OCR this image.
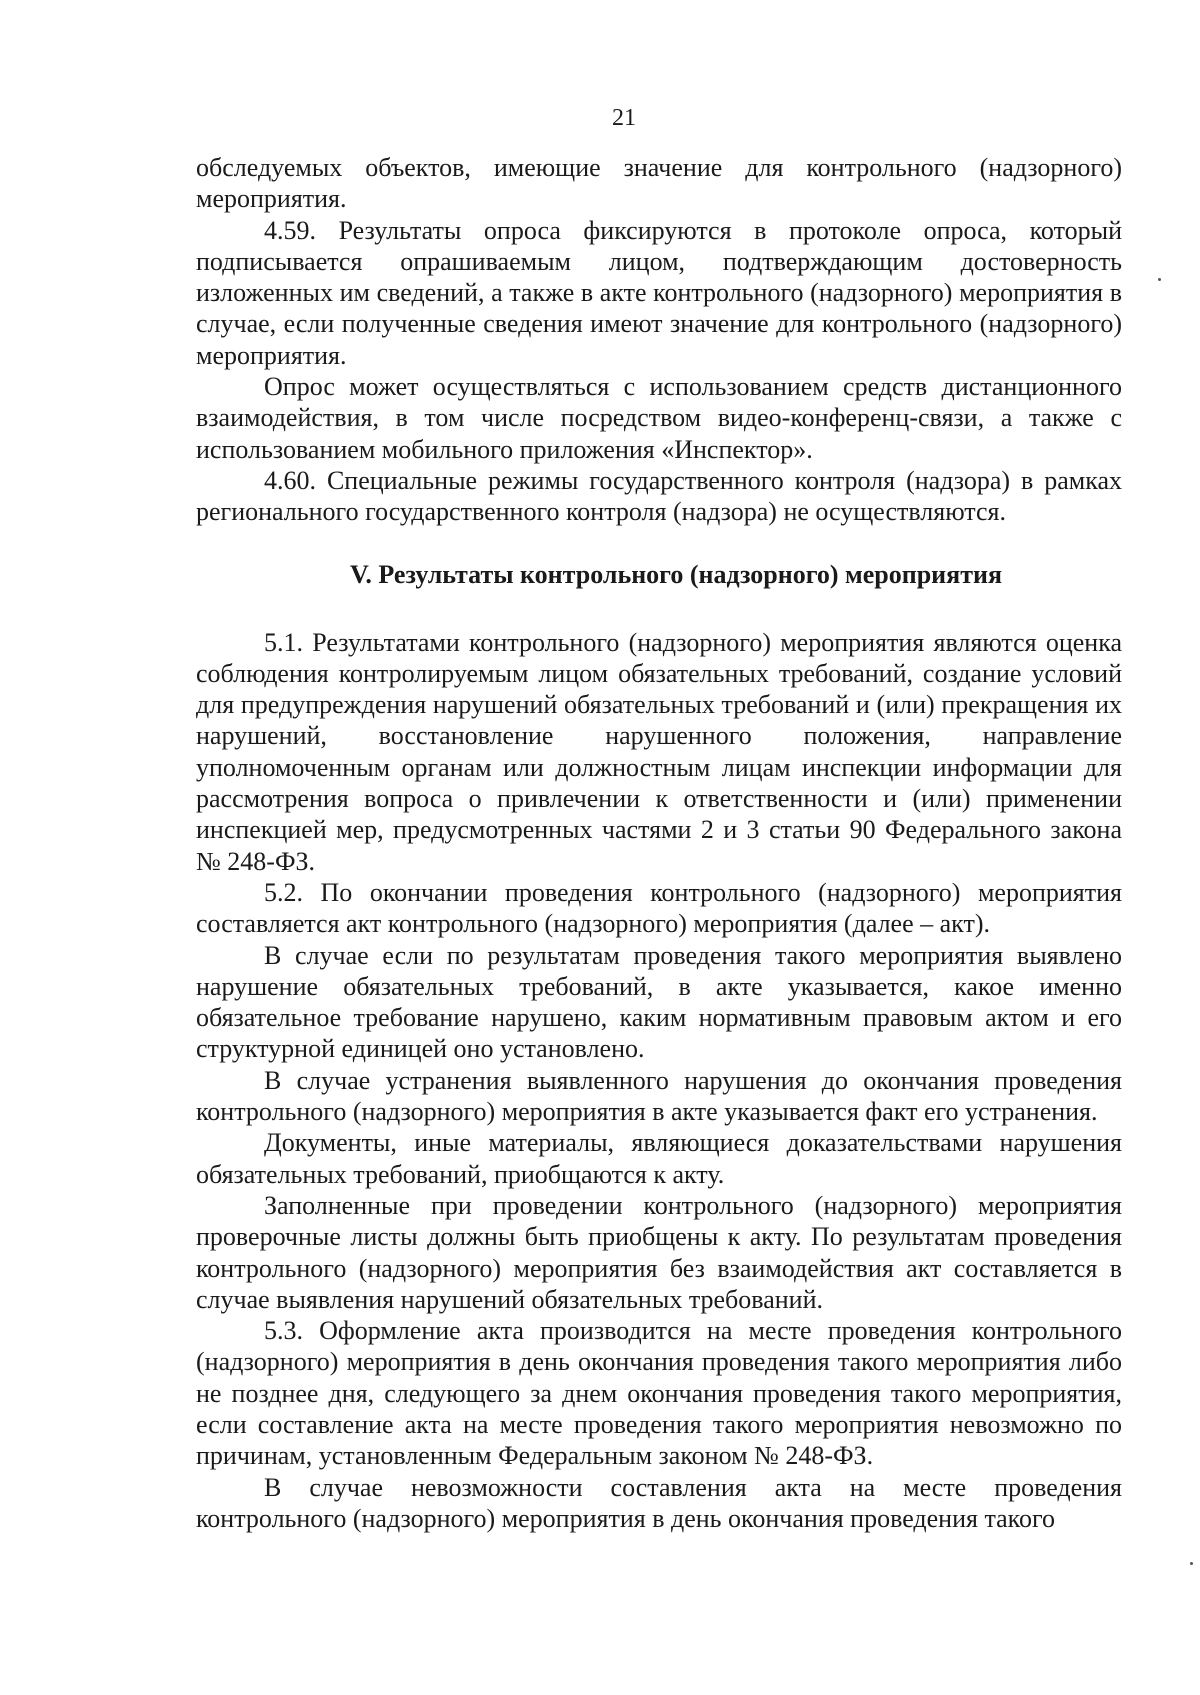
21

обследуемых объектов, имеющие значение для контрольного (надзорного) мероприятия.

4.59. Результаты опроса фиксируются в протоколе опроса, который подписывается опрашиваемым лицом, подтверждающим достоверность изложенных им сведений, а также в акте контрольного (надзорного) мероприятия в случае, если полученные сведения имеют значение для контрольного (надзорного) мероприятия.

Опрос может осуществляться с использованием средств дистанционного взаимодействия, в том числе посредством видео-конференц-связи, а также с использованием мобильного приложения «Инспектор».

4.60. Специальные режимы государственного контроля (надзора) в рамках регионального государственного контроля (надзора) не осуществляются.

V. Результаты контрольного (надзорного) мероприятия

5.1. Результатами контрольного (надзорного) мероприятия являются оценка соблюдения контролируемым лицом обязательных требований, создание условий для предупреждения нарушений обязательных требований и (или) прекращения их нарушений, восстановление нарушенного положения, направление уполномоченным органам или должностным лицам инспекции информации для рассмотрения вопроса о привлечении к ответственности и (или) применении инспекцией мер, предусмотренных частями 2 и 3 статьи 90 Федерального закона № 248-ФЗ.

5.2. По окончании проведения контрольного (надзорного) мероприятия составляется акт контрольного (надзорного) мероприятия (далее – акт).

В случае если по результатам проведения такого мероприятия выявлено нарушение обязательных требований, в акте указывается, какое именно обязательное требование нарушено, каким нормативным правовым актом и его структурной единицей оно установлено.

В случае устранения выявленного нарушения до окончания проведения контрольного (надзорного) мероприятия в акте указывается факт его устранения.

Документы, иные материалы, являющиеся доказательствами нарушения обязательных требований, приобщаются к акту.

Заполненные при проведении контрольного (надзорного) мероприятия проверочные листы должны быть приобщены к акту. По результатам проведения контрольного (надзорного) мероприятия без взаимодействия акт составляется в случае выявления нарушений обязательных требований.

5.3. Оформление акта производится на месте проведения контрольного (надзорного) мероприятия в день окончания проведения такого мероприятия либо не позднее дня, следующего за днем окончания проведения такого мероприятия, если составление акта на месте проведения такого мероприятия невозможно по причинам, установленным Федеральным законом № 248-ФЗ.

В случае невозможности составления акта на месте проведения контрольного (надзорного) мероприятия в день окончания проведения такого
